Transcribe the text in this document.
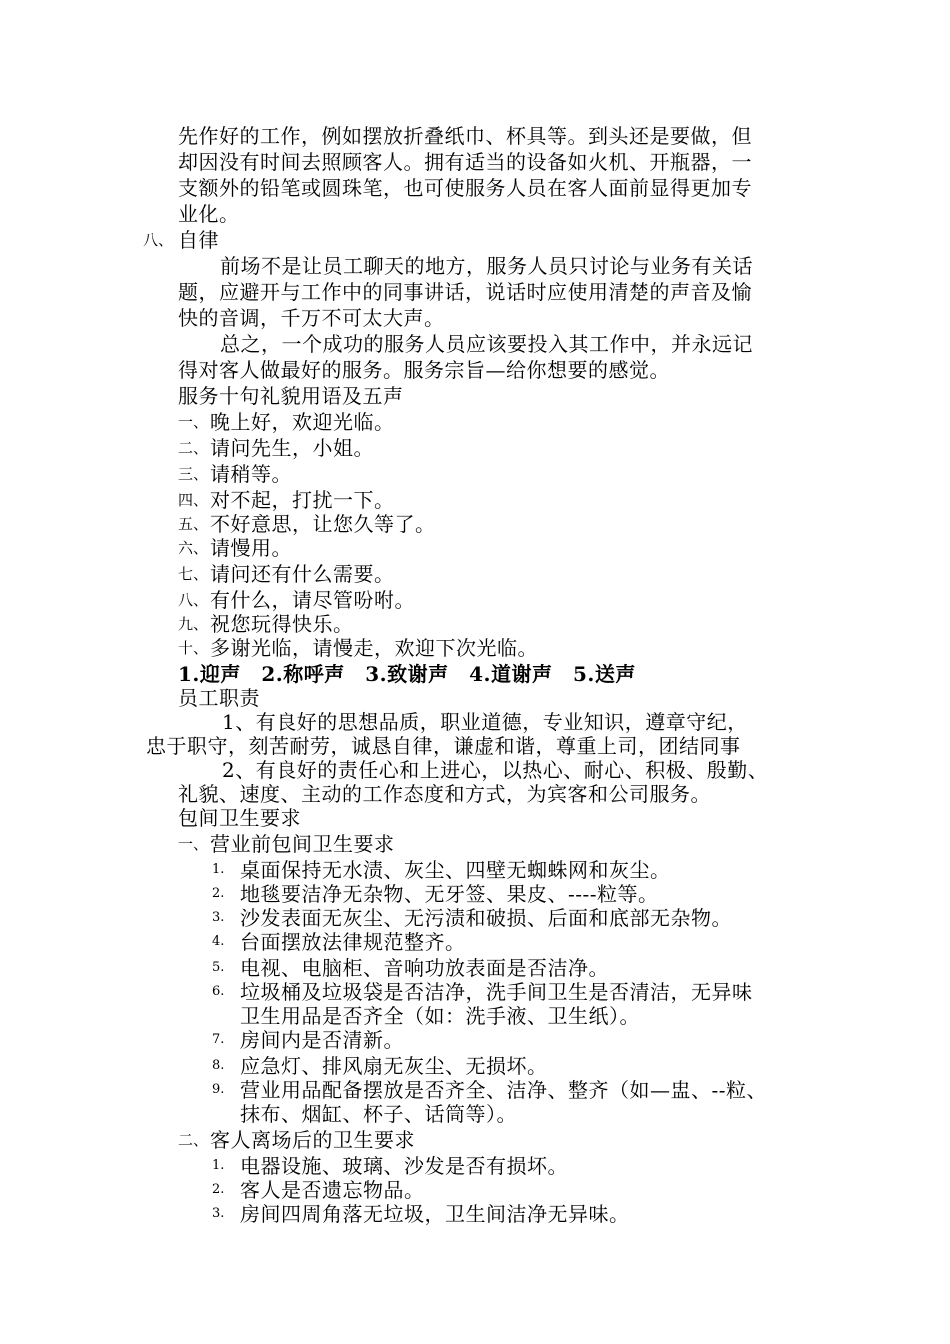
先作好的工作，例如摆放折叠纸巾、杯具等。到头还是要做，但
却因没有时间去照顾客人。拥有适当的设备如火机、开瓶器，一
支额外的铅笔或圆珠笔，也可使服务人员在客人面前显得更加专
业化。
八、 自律
前场不是让员工聊天的地方，服务人员只讨论与业务有关话
题，应避开与工作中的同事讲话，说话时应使用清楚的声音及愉
快的音调，千万不可太大声。
总之，一个成功的服务人员应该要投入其工作中，并永远记
得对客人做最好的服务。服务宗旨—给你想要的感觉。
服务十句礼貌用语及五声
一、 晚上好，欢迎光临。
二、 请问先生，小姐。
三、 请稍等。
四、 对不起，打扰一下。
五、 不好意思，让您久等了。
六、 请慢用。
七、 请问还有什么需要。
八、 有什么，请尽管吩咐。
九、 祝您玩得快乐。
十、 多谢光临，请慢走，欢迎下次光临。
1.迎声　2.称呼声　3.致谢声　4.道谢声　5.送声
员工职责
1、有良好的思想品质，职业道德，专业知识，遵章守纪，
忠于职守，刻苦耐劳，诚恳自律，谦虚和谐，尊重上司，团结同事
2、有良好的责任心和上进心，以热心、耐心、积极、殷勤、
礼貌、速度、主动的工作态度和方式，为宾客和公司服务。
包间卫生要求
一、 营业前包间卫生要求
1. 桌面保持无水渍、灰尘、四壁无蜘蛛网和灰尘。
2. 地毯要洁净无杂物、无牙签、果皮、----粒等。
3. 沙发表面无灰尘、无污渍和破损、后面和底部无杂物。
4. 台面摆放法律规范整齐。
5. 电视、电脑柜、音响功放表面是否洁净。
6. 垃圾桶及垃圾袋是否洁净，洗手间卫生是否清洁，无异味
卫生用品是否齐全（如：洗手液、卫生纸）。
7. 房间内是否清新。
8. 应急灯、排风扇无灰尘、无损坏。
9. 营业用品配备摆放是否齐全、洁净、整齐（如—盅、--粒、
抹布、烟缸、杯子、话筒等）。
二、 客人离场后的卫生要求
1. 电器设施、玻璃、沙发是否有损坏。
2. 客人是否遗忘物品。
3. 房间四周角落无垃圾，卫生间洁净无异味。
